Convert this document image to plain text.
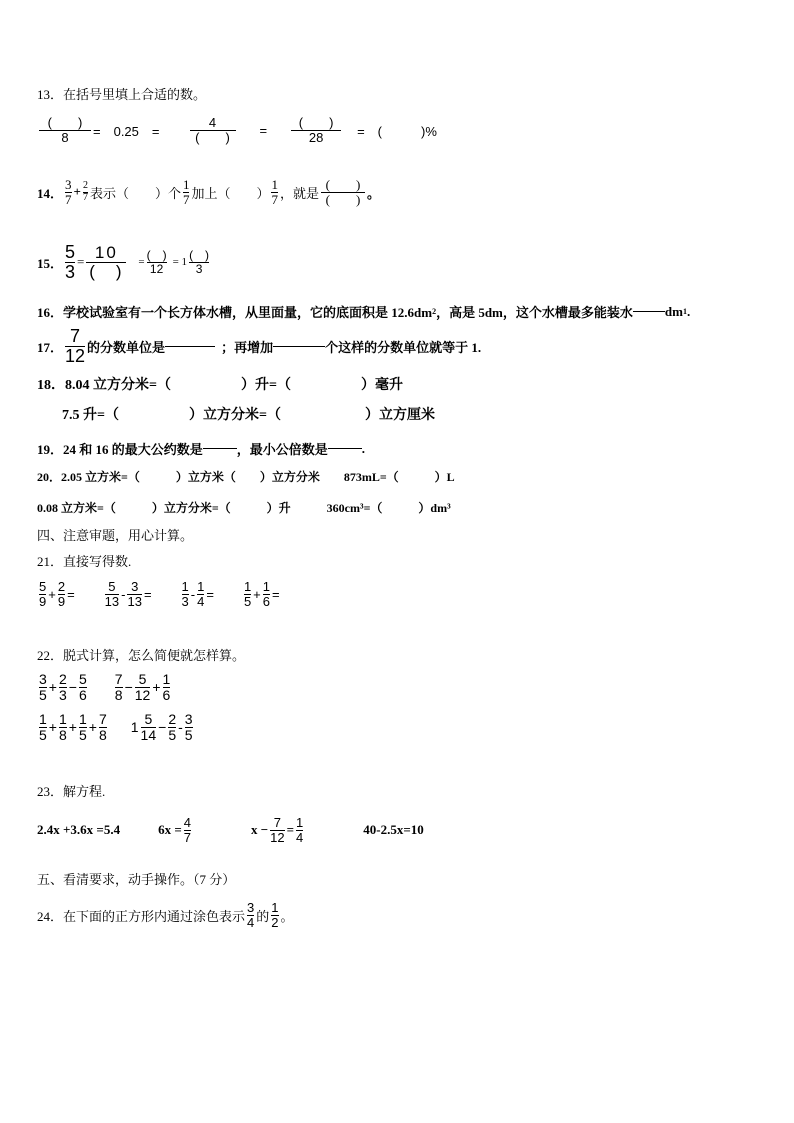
13．在括号里填上合适的数。
$\frac{( )}{8}$ =　0.25　= $\frac{4}{( )} = \frac{( )}{28}$ =　(　　　)%
14． $\frac{3}{7} + \frac{2}{7}$ 表示（　　）个 $\frac{1}{7}$ 加上（　　） $\frac{1}{7}$ ，就是 $\frac{( )}{( )}$ 。
15． $\frac{5}{3} = \frac{10}{( )} = \frac{( )}{12} = 1 \frac{( )}{3}$
16．学校试验室有一个长方体水槽，从里面量，它的底面积是 12.6dm 2 ，高是 5dm，这个水槽最多能装水 dm 1 .
17． $\frac{7}{12}$ 的分数单位是	；再增加	个这样的分数单位就等于 1.
18．8.04 立方分米=（　　　　　）升=（　　　　　）毫升
7.5 升=（　　　　　）立方分米=（　　　　　　）立方厘米
19．24 和 16 的最大公约数是	，最小公倍数是	.
20．2.05 立方米=（　　　）立方米（　　）立方分米　　873mL=（　　　）L
0.08 立方米=（　　　）立方分米=（　　　）升　　　360cm³=（　　　）dm³
四、注意审题，用心计算。
21．直接写得数.
$\frac{5}{9} + \frac{2}{9} = \frac{5}{13} - \frac{3}{13} = \frac{1}{3} - \frac{1}{4} = \frac{1}{5} + \frac{1}{6}$ =
22．脱式计算，怎么简便就怎样算。
$\frac{3}{5} + \frac{2}{3} - \frac{5}{6} \frac{7}{8} - \frac{5}{12} + \frac{1}{6}$
$\frac{1}{5} + \frac{1}{8} + \frac{1}{5} + \frac{7}{8} 1 \frac{5}{14} - \frac{2}{5} - \frac{3}{5}$
23．解方程.
2.4x +3.6x =5.4	$6x = \frac{4}{7}$	$x - \frac{7}{12} = \frac{1}{4}$	40-2.5x=10
五、看清要求，动手操作。（7 分）
24．在下面的正方形内通过涂色表示 $\frac{3}{4}$ 的 $\frac{1}{2}$ 。
